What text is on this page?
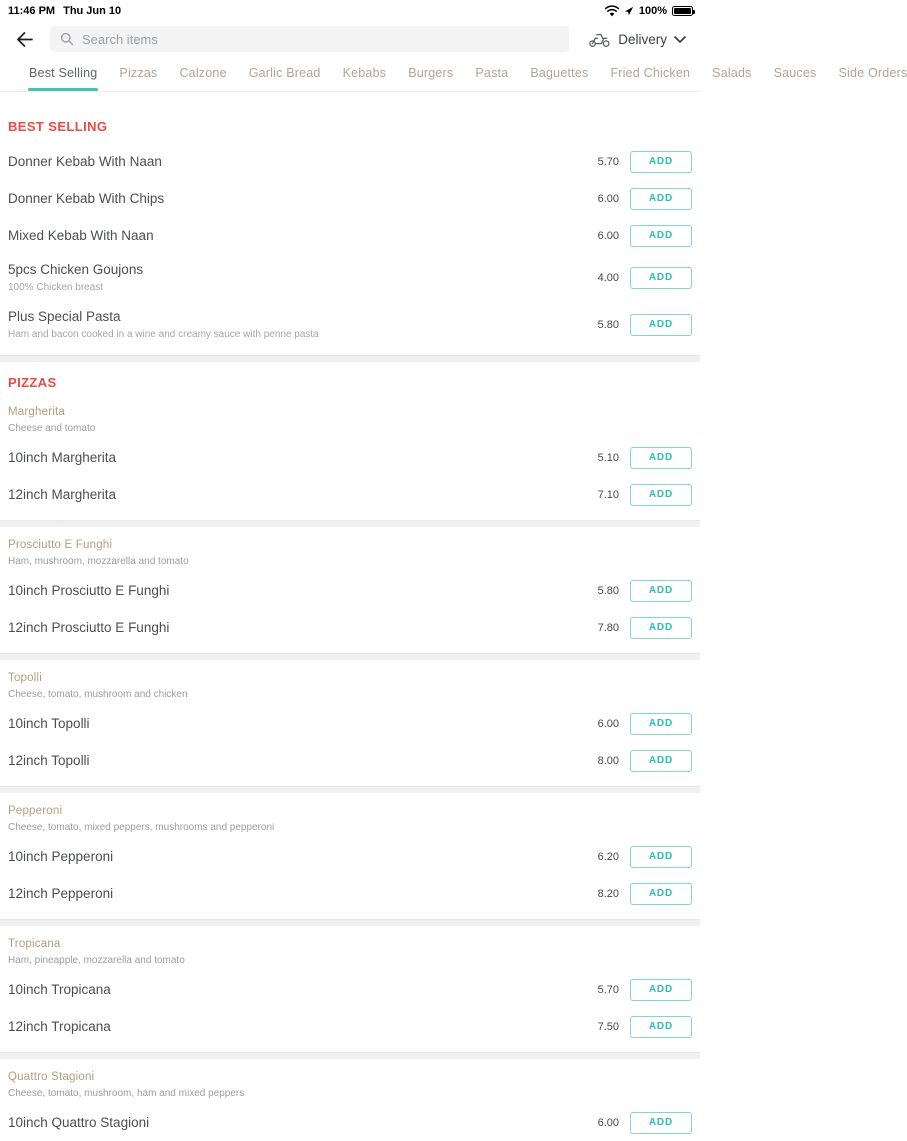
11:46 PM Thu Jun 10	100%
Search items
Delivery
Best Selling Pizzas Calzone Garlic Bread Kebabs Burgers Pasta Baguettes Fried Chicken Salads Sauces Side Orders
BEST SELLING
Donner Kebab With Naan	5.70	ADD
Donner Kebab With Chips	6.00	ADD
Mixed Kebab With Naan	6.00	ADD
5pcs Chicken Goujons
100% Chicken breast
4.00	ADD
Plus Special Pasta
Ham and bacon cooked in a wine and creamy sauce with penne pasta
5.80	ADD
PIZZAS
Margherita
Cheese and tomato
10inch Margherita	5.10	ADD
12inch Margherita	7.10	ADD
Prosciutto E Funghi
Ham, mushroom, mozzarella and tomato
10inch Prosciutto E Funghi	5.80	ADD
12inch Prosciutto E Funghi	7.80	ADD
Topolli
Cheese, tomato, mushroom and chicken
10inch Topolli	6.00	ADD
12inch Topolli	8.00	ADD
Pepperoni
Cheese, tomato, mixed peppers, mushrooms and pepperoni
10inch Pepperoni	6.20	ADD
12inch Pepperoni	8.20	ADD
Tropicana
Ham, pineapple, mozzarella and tomato
10inch Tropicana	5.70	ADD
12inch Tropicana	7.50	ADD
Quattro Stagioni
Cheese, tomato, mushroom, ham and mixed peppers
10inch Quattro Stagioni	6.00	ADD
